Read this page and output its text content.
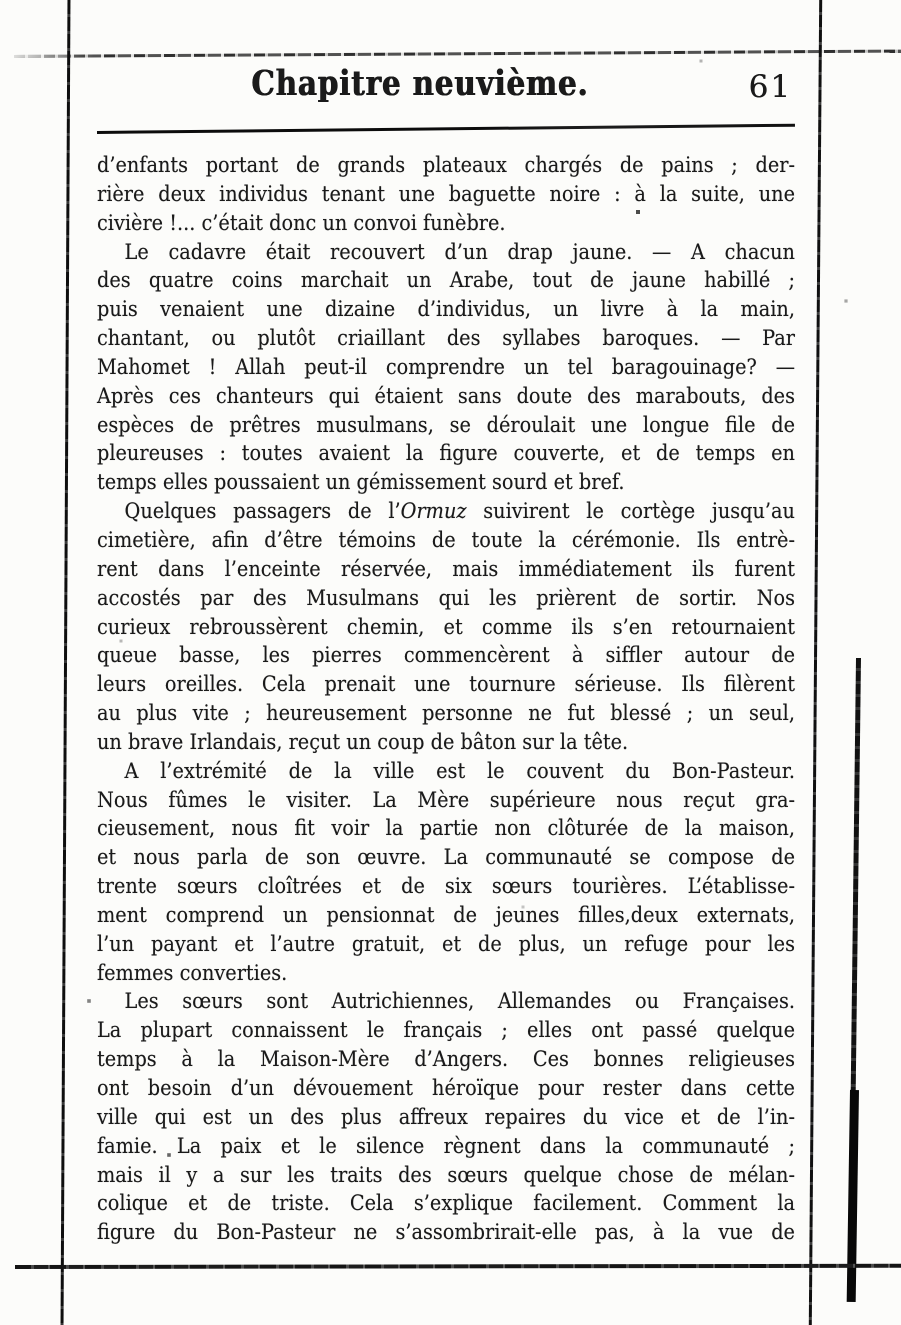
Chapitre neuvième.	61
d’enfants portant de grands plateaux chargés de pains ; der-
rière deux individus tenant une baguette noire : à la suite, une
civière !... c’était donc un convoi funèbre.
Le cadavre était recouvert d’un drap jaune. — A chacun
des quatre coins marchait un Arabe, tout de jaune habillé ;
puis venaient une dizaine d’individus, un livre à la main,
chantant, ou plutôt criaillant des syllabes baroques. — Par
Mahomet ! Allah peut-il comprendre un tel baragouinage? —
Après ces chanteurs qui étaient sans doute des marabouts, des
espèces de prêtres musulmans, se déroulait une longue file de
pleureuses : toutes avaient la figure couverte, et de temps en
temps elles poussaient un gémissement sourd et bref.
Quelques passagers de l’Ormuz suivirent le cortège jusqu’au
cimetière, afin d’être témoins de toute la cérémonie. Ils entrè-
rent dans l’enceinte réservée, mais immédiatement ils furent
accostés par des Musulmans qui les prièrent de sortir. Nos
curieux rebroussèrent chemin, et comme ils s’en retournaient
queue basse, les pierres commencèrent à siffler autour de
leurs oreilles. Cela prenait une tournure sérieuse. Ils filèrent
au plus vite ; heureusement personne ne fut blessé ; un seul,
un brave Irlandais, reçut un coup de bâton sur la tête.
A l’extrémité de la ville est le couvent du Bon-Pasteur.
Nous fûmes le visiter. La Mère supérieure nous reçut gra-
cieusement, nous fit voir la partie non clôturée de la maison,
et nous parla de son œuvre. La communauté se compose de
trente sœurs cloîtrées et de six sœurs tourières. L’établisse-
ment comprend un pensionnat de jeunes filles,deux externats,
l’un payant et l’autre gratuit, et de plus, un refuge pour les
femmes converties.
Les sœurs sont Autrichiennes, Allemandes ou Françaises.
La plupart connaissent le français ; elles ont passé quelque
temps à la Maison-Mère d’Angers. Ces bonnes religieuses
ont besoin d’un dévouement héroïque pour rester dans cette
ville qui est un des plus affreux repaires du vice et de l’in-
famie. La paix et le silence règnent dans la communauté ;
mais il y a sur les traits des sœurs quelque chose de mélan-
colique et de triste. Cela s’explique facilement. Comment la
figure du Bon-Pasteur ne s’assombrirait-elle pas, à la vue de
